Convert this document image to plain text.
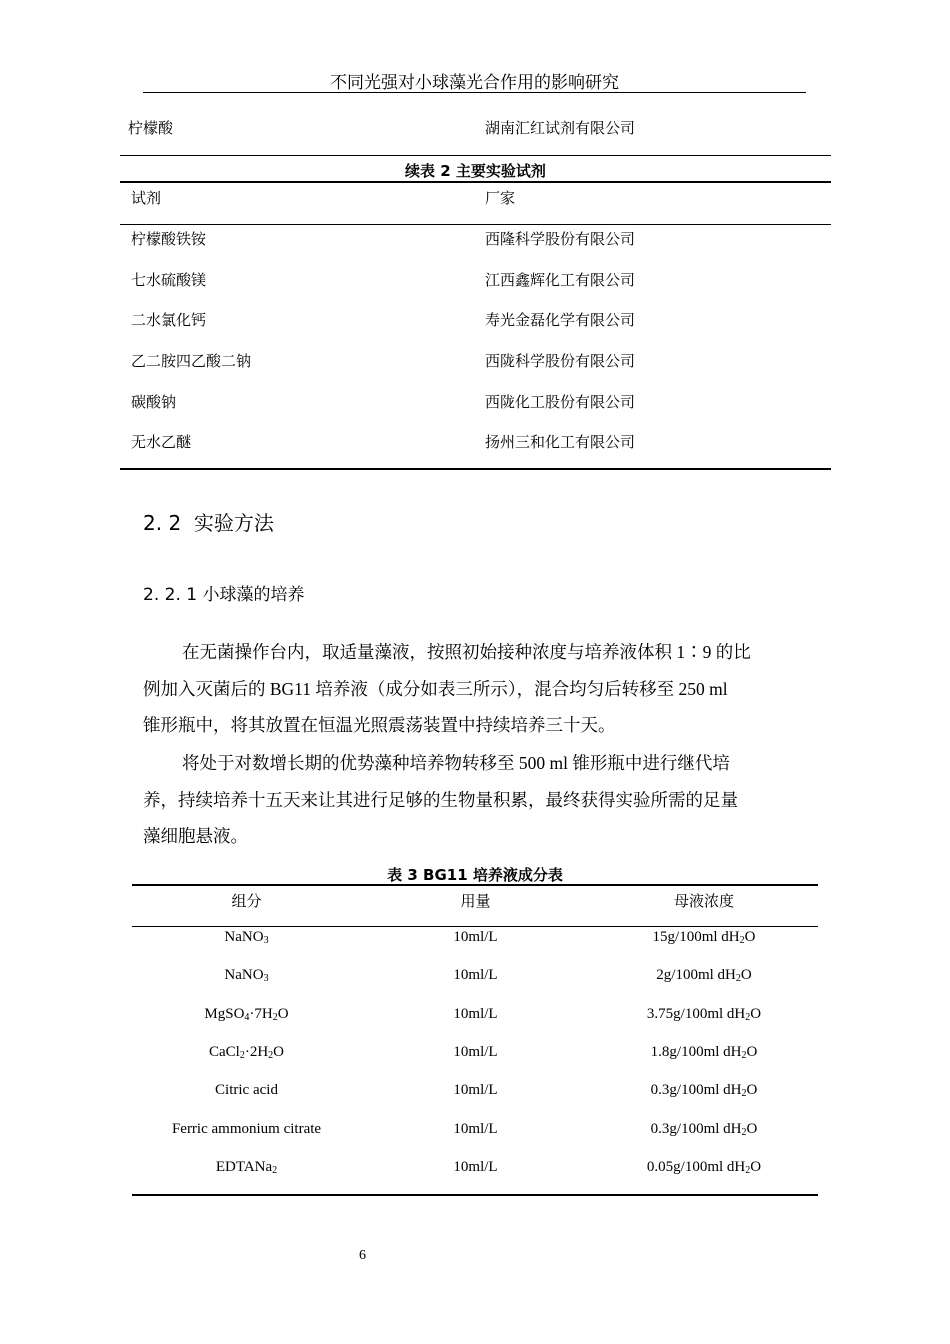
不同光强对小球藻光合作用的影响研究
柠檬酸	湖南汇红试剂有限公司
续表 2 主要实验试剂
试剂	厂家
柠檬酸铁铵	西隆科学股份有限公司
七水硫酸镁	江西鑫辉化工有限公司
二水氯化钙	寿光金磊化学有限公司
乙二胺四乙酸二钠	西陇科学股份有限公司
碳酸钠	西陇化工股份有限公司
无水乙醚	扬州三和化工有限公司
2. 2 实验方法
2. 2. 1 小球藻的培养
在无菌操作台内，取适量藻液，按照初始接种浓度与培养液体积 1∶9 的比
例加入灭菌后的 BG11 培养液（成分如表三所示），混合均匀后转移至 250 ml
锥形瓶中，将其放置在恒温光照震荡装置中持续培养三十天。
将处于对数增长期的优势藻种培养物转移至 500 ml 锥形瓶中进行继代培
养，持续培养十五天来让其进行足够的生物量积累，最终获得实验所需的足量
藻细胞悬液。
表 3 BG11 培养液成分表
组分	用量	母液浓度
NaNO$_3$	10ml/L	15g/100ml $dH_2O$
NaNO$_3$	10ml/L	2g/100ml $dH_2O$
$MgSO_4\cdot 7H_2O$	10ml/L	3.75g/100ml $dH_2O$
$CaCl_2\cdot 2H_2O$	10ml/L	1.8g/100ml $dH_2O$
Citric acid	10ml/L	0.3g/100ml $dH_2O$
Ferric ammonium citrate	10ml/L	0.3g/100ml $dH_2O$
EDTANa$_2$	10ml/L	0.05g/100ml $dH_2O$
6
